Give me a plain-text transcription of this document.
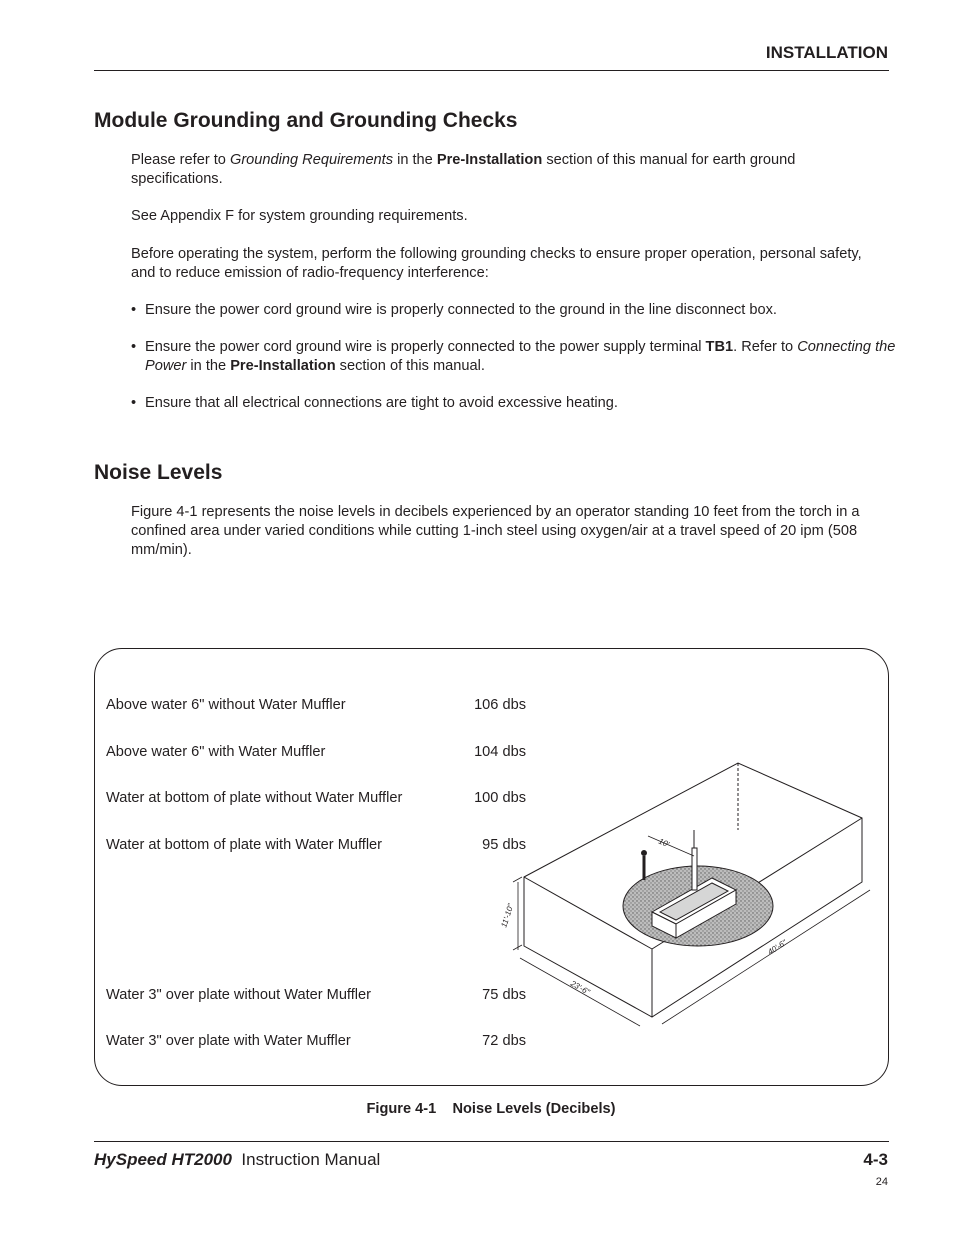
INSTALLATION
Module Grounding and Grounding Checks
Please refer to Grounding Requirements in the Pre-Installation section of this manual for earth ground specifications.
See Appendix F for system grounding requirements.
Before operating the system, perform the following grounding checks to ensure proper operation, personal safety, and to reduce emission of radio-frequency interference:
• Ensure the power cord ground wire is properly connected to the ground in the line disconnect box.
• Ensure the power cord ground wire is properly connected to the power supply terminal TB1. Refer to Connecting the Power in the Pre-Installation section of this manual.
• Ensure that all electrical connections are tight to avoid excessive heating.
Noise Levels
Figure 4-1 represents the noise levels in decibels experienced by an operator standing 10 feet from the torch in a confined area under varied conditions while cutting 1-inch steel using oxygen/air at a travel speed of 20 ipm (508 mm/min).
Above water 6" without Water Muffler	106 dbs
Above water 6" with Water Muffler	104 dbs
Water at bottom of plate without Water Muffler	100 dbs
Water at bottom of plate with Water Muffler	95 dbs
Water 3" over plate without Water Muffler	75 dbs
Water 3" over plate with Water Muffler	72 dbs
11'-10"
23'-6"
40'-6"
10'
Figure 4-1    Noise Levels (Decibels)
HySpeed HT2000 Instruction Manual	4-3
24
